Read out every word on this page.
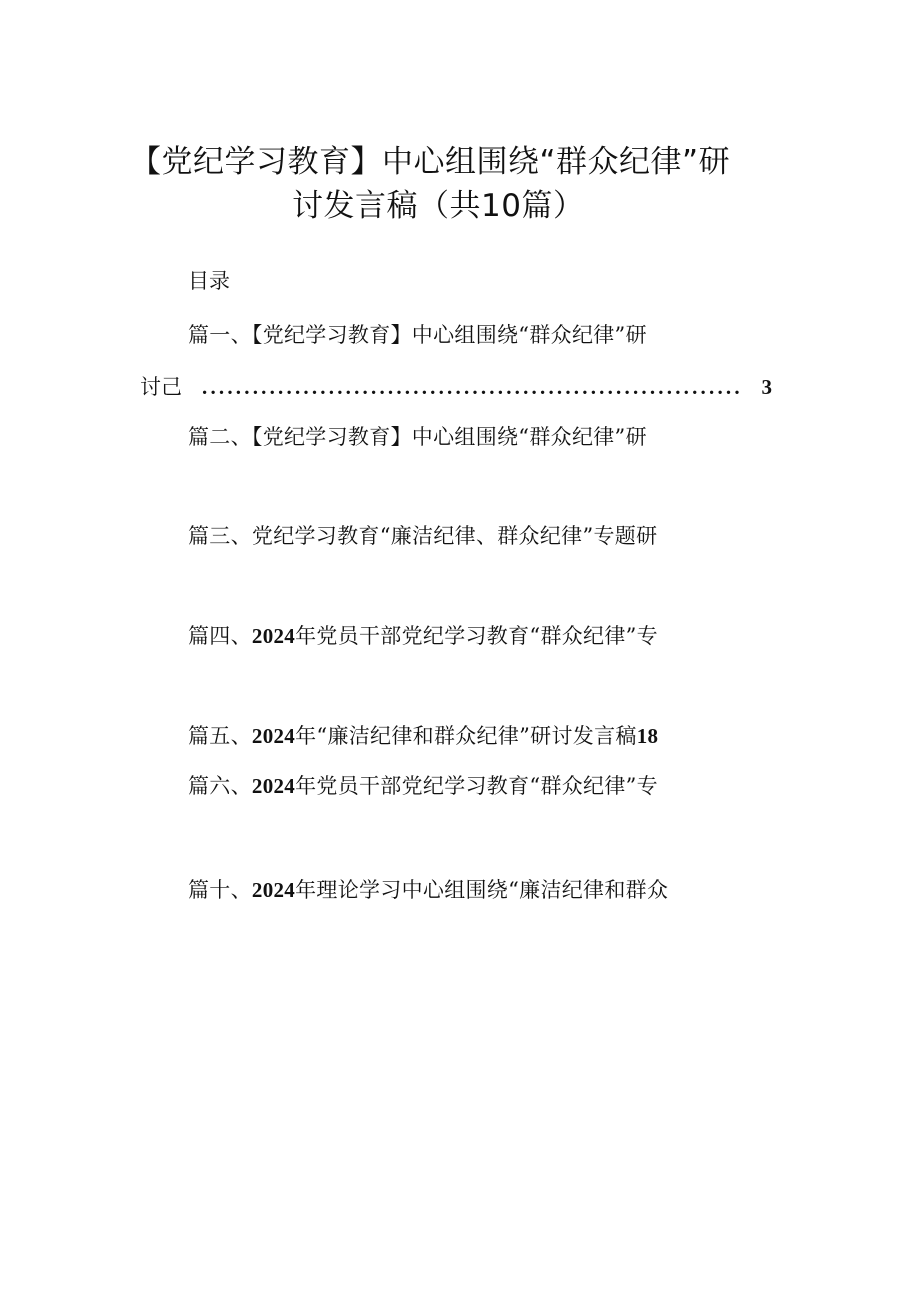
【党纪学习教育】中心组围绕“群众纪律”研
讨发言稿（共10篇）
目录
篇一、【党纪学习教育】中心组围绕“群众纪律”研
讨己 ................................................................ 3
篇二、【党纪学习教育】中心组围绕“群众纪律”研
篇三、党纪学习教育“廉洁纪律、群众纪律”专题研
篇四、2024年党员干部党纪学习教育“群众纪律”专
篇五、2024年“廉洁纪律和群众纪律”研讨发言稿18
篇六、2024年党员干部党纪学习教育“群众纪律”专
篇十、2024年理论学习中心组围绕“廉洁纪律和群众
